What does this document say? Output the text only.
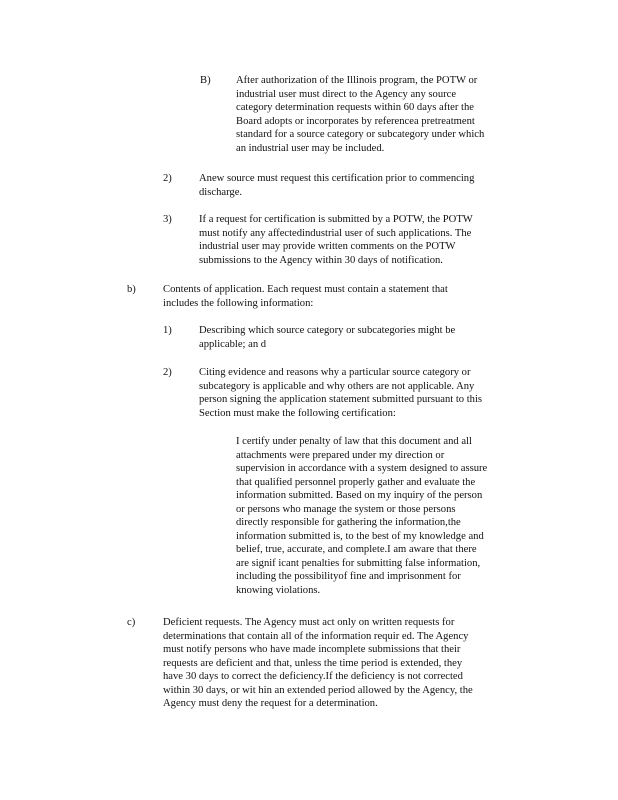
B) After authorization of the Illinois program, the POTW or
industrial user must direct to the Agency any source
category determination requests within 60 days after the
Board adopts or incorporates by referencea pretreatment
standard for a source category or subcategory under which
an industrial user may be included.
2)	Anew source must request this certification prior to commencing
discharge.
3)	If a request for certification is submitted by a POTW, the POTW
must notify any affectedindustrial user of such applications. The
industrial user may provide written comments on the POTW
submissions to the Agency within 30 days of notification.
b)	Contents of application. Each request must contain a statement that
includes the following information:
1)	Describing which source category or subcategories might be
applicable; an d
2)	Citing evidence and reasons why a particular source category or
subcategory is applicable and why others are not applicable. Any
person signing the application statement submitted pursuant to this
Section must make the following certification:
I certify under penalty of law that this document and all
attachments were prepared under my direction or
supervision in accordance with a system designed to assure
that qualified personnel properly gather and evaluate the
information submitted. Based on my inquiry of the person
or persons who manage the system or those persons
directly responsible for gathering the information,the
information submitted is, to the best of my knowledge and
belief, true, accurate, and complete.I am aware that there
are signif icant penalties for submitting false information,
including the possibilityof fine and imprisonment for
knowing violations.
c)	Deficient requests. The Agency must act only on written requests for
determinations that contain all of the information requir ed. The Agency
must notify persons who have made incomplete submissions that their
requests are deficient and that, unless the time period is extended, they
have 30 days to correct the deficiency.If the deficiency is not corrected
within 30 days, or wit hin an extended period allowed by the Agency, the
Agency must deny the request for a determination.
